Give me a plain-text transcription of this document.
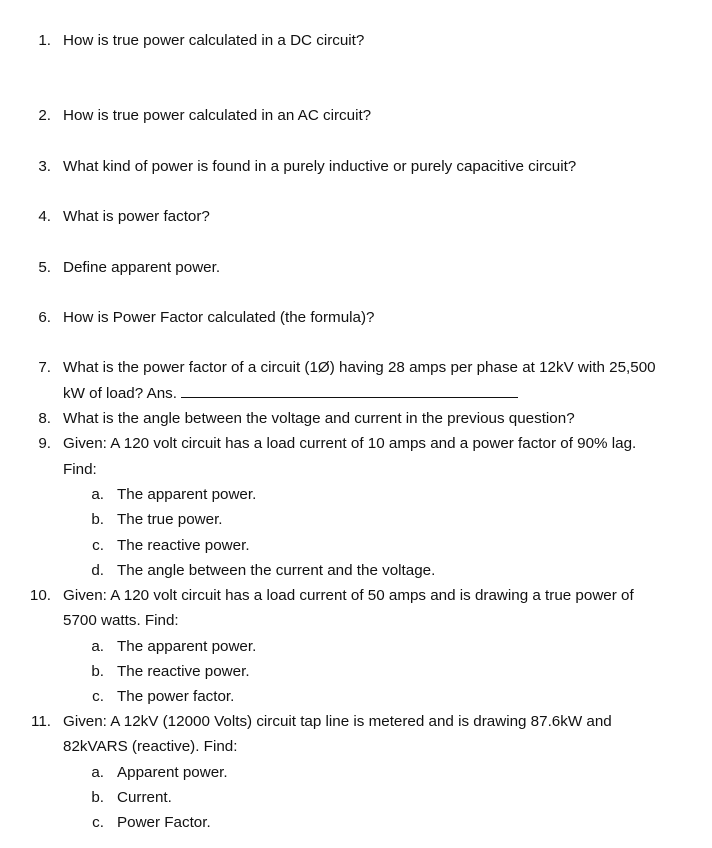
1. How is true power calculated in a DC circuit?
2. How is true power calculated in an AC circuit?
3. What kind of power is found in a purely inductive or purely capacitive circuit?
4. What is power factor?
5. Define apparent power.
6. How is Power Factor calculated (the formula)?
7. What is the power factor of a circuit (1Ø) having 28 amps per phase at 12kV with 25,500
kW of load? Ans.
8. What is the angle between the voltage and current in the previous question?
9. Given: A 120 volt circuit has a load current of 10 amps and a power factor of 90% lag.
Find:
a. The apparent power.
b. The true power.
c. The reactive power.
d. The angle between the current and the voltage.
10. Given: A 120 volt circuit has a load current of 50 amps and is drawing a true power of
5700 watts. Find:
a. The apparent power.
b. The reactive power.
c. The power factor.
11. Given: A 12kV (12000 Volts) circuit tap line is metered and is drawing 87.6kW and
82kVARS (reactive). Find:
a. Apparent power.
b. Current.
c. Power Factor.
